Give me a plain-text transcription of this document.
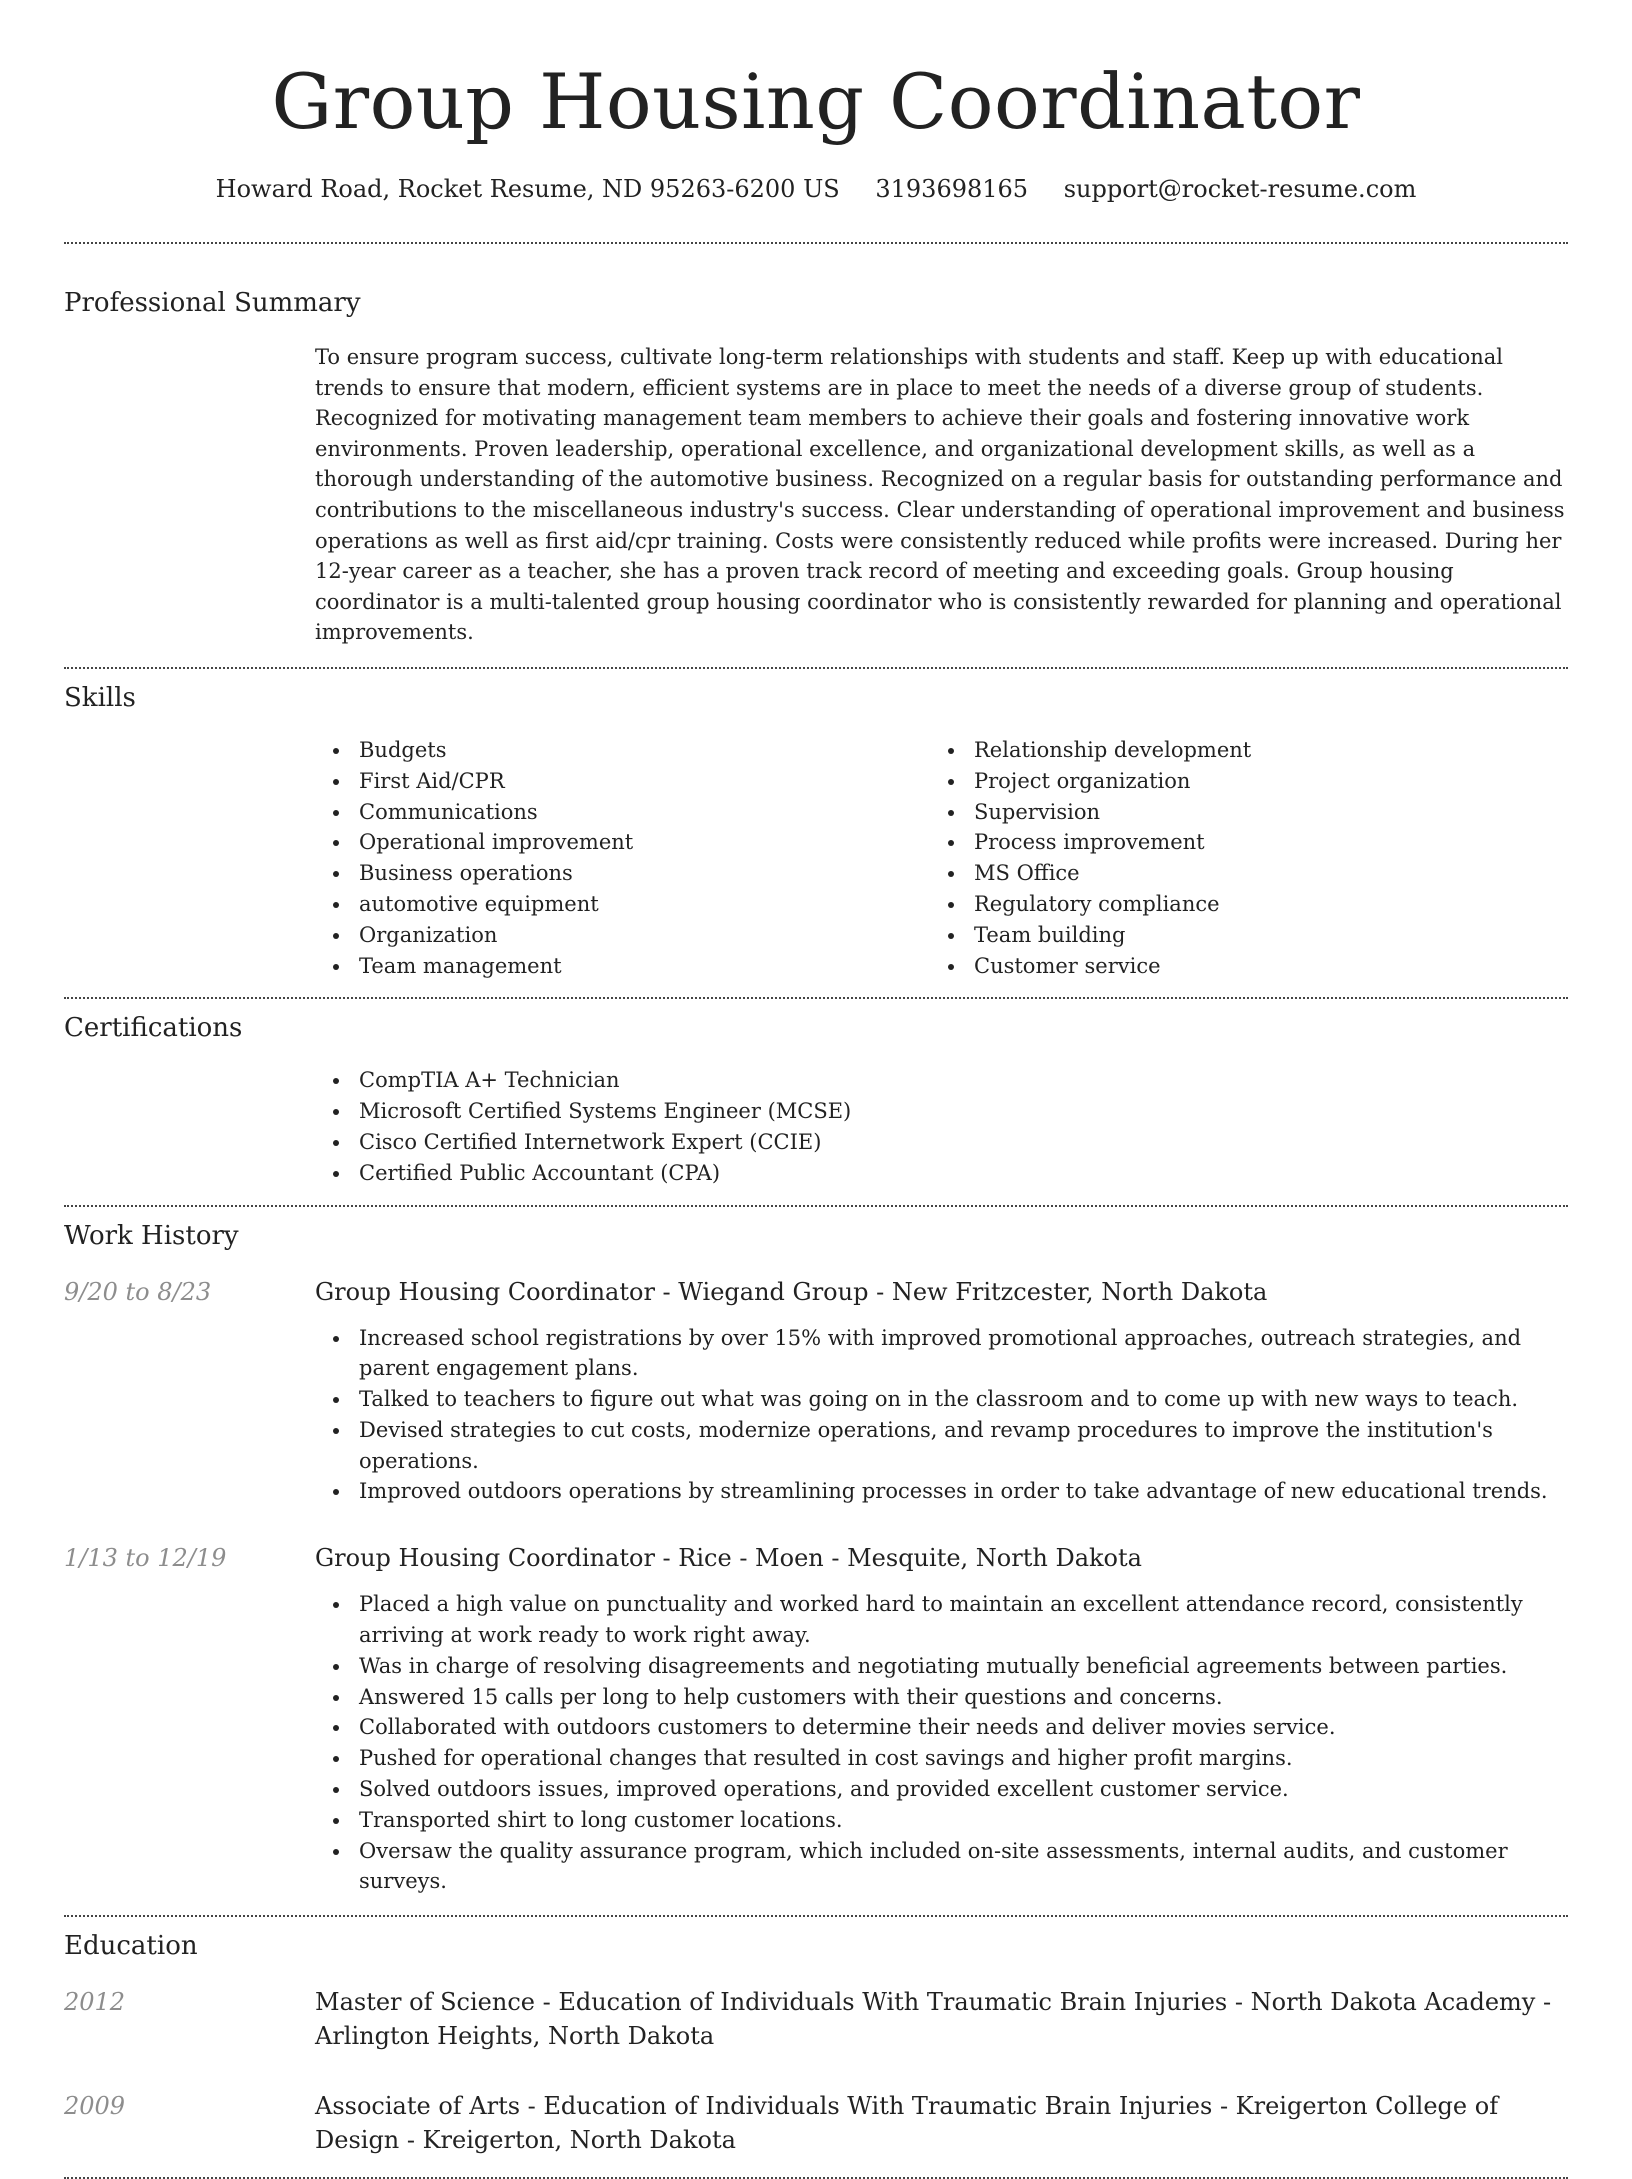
Group Housing Coordinator
Howard Road, Rocket Resume, ND 95263-6200 US 3193698165 support@rocket-resume.com
Professional Summary

To ensure program success, cultivate long-term relationships with students and staff. Keep up with educational trends to ensure that modern, efficient systems are in place to meet the needs of a diverse group of students. Recognized for motivating management team members to achieve their goals and fostering innovative work environments. Proven leadership, operational excellence, and organizational development skills, as well as a thorough understanding of the automotive business. Recognized on a regular basis for outstanding performance and contributions to the miscellaneous industry's success. Clear understanding of operational improvement and business operations as well as first aid/cpr training. Costs were consistently reduced while profits were increased. During her 12-year career as a teacher, she has a proven track record of meeting and exceeding goals. Group housing coordinator is a multi-talented group housing coordinator who is consistently rewarded for planning and operational improvements.

Skills
Budgets
First Aid/CPR
Communications
Operational improvement
Business operations
automotive equipment
Organization
Team management
Relationship development
Project organization
Supervision
Process improvement
MS Office
Regulatory compliance
Team building
Customer service
Certifications
CompTIA A+ Technician
Microsoft Certified Systems Engineer (MCSE)
Cisco Certified Internetwork Expert (CCIE)
Certified Public Accountant (CPA)
Work History
9/20 to 8/23	Group Housing Coordinator - Wiegand Group - New Fritzcester, North Dakota
Increased school registrations by over 15% with improved promotional approaches, outreach strategies, and parent engagement plans.
Talked to teachers to figure out what was going on in the classroom and to come up with new ways to teach.
Devised strategies to cut costs, modernize operations, and revamp procedures to improve the institution's operations.
Improved outdoors operations by streamlining processes in order to take advantage of new educational trends.
1/13 to 12/19	Group Housing Coordinator - Rice - Moen - Mesquite, North Dakota
Placed a high value on punctuality and worked hard to maintain an excellent attendance record, consistently arriving at work ready to work right away.
Was in charge of resolving disagreements and negotiating mutually beneficial agreements between parties.
Answered 15 calls per long to help customers with their questions and concerns.
Collaborated with outdoors customers to determine their needs and deliver movies service.
Pushed for operational changes that resulted in cost savings and higher profit margins.
Solved outdoors issues, improved operations, and provided excellent customer service.
Transported shirt to long customer locations.
Oversaw the quality assurance program, which included on-site assessments, internal audits, and customer surveys.
Education
2012	Master of Science - Education of Individuals With Traumatic Brain Injuries - North Dakota Academy - Arlington Heights, North Dakota
2009	Associate of Arts - Education of Individuals With Traumatic Brain Injuries - Kreigerton College of Design - Kreigerton, North Dakota
